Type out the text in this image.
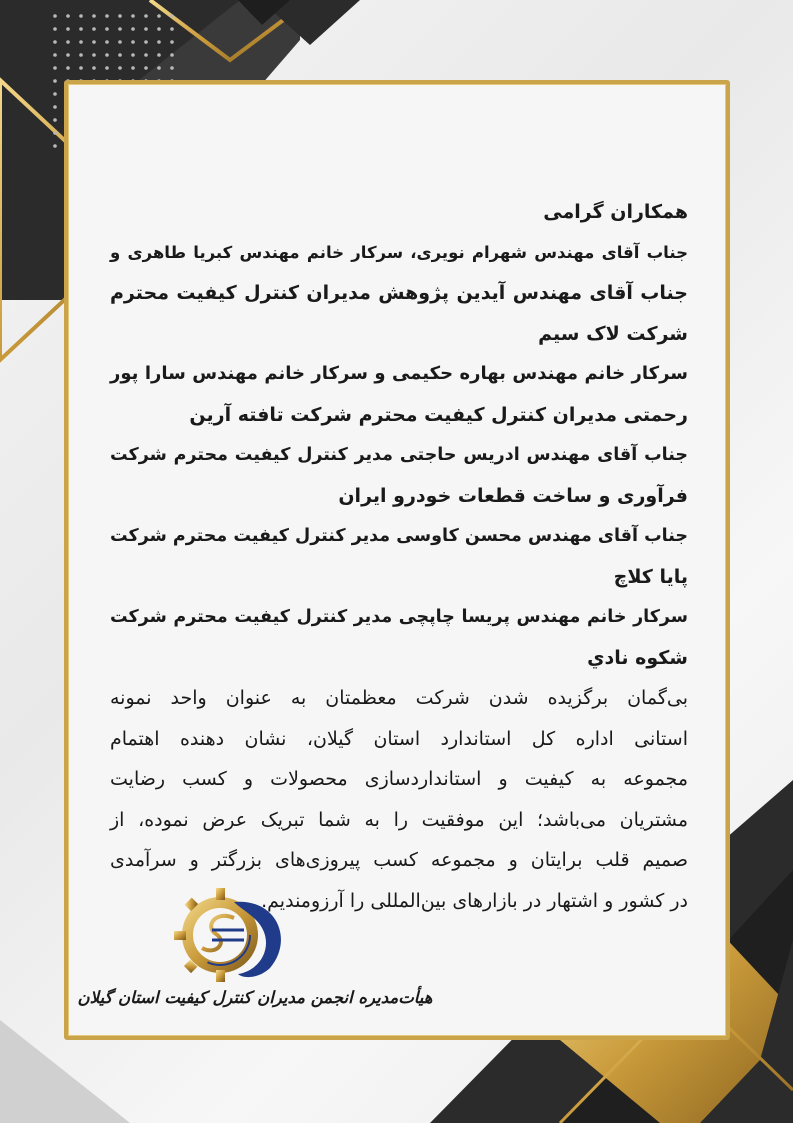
همکاران گرامی
جناب آقای مهندس شهرام نویری، سرکار خانم مهندس کبریا طاهری و
جناب آقای مهندس آیدین پژوهش مدیران کنترل کیفیت محترم
شرکت لاک سیم
سرکار خانم مهندس بهاره حکیمی و سرکار خانم مهندس سارا پور
رحمتی مدیران کنترل کیفیت محترم شرکت تافته آرین
جناب آقای مهندس ادریس حاجتی مدیر کنترل کیفیت محترم شرکت
فرآوری و ساخت قطعات خودرو ایران
جناب آقای مهندس محسن کاوسی مدیر کنترل کیفیت محترم شرکت
پایا کلاچ
سرکار خانم مهندس پریسا چاپچی مدیر کنترل کیفیت محترم شرکت
شکوه نادي
بی‌گمان برگزیده شدن شرکت معظمتان به عنوان واحد نمونه
استانی اداره کل استاندارد استان گیلان، نشان دهنده اهتمام
مجموعه به کیفیت و استانداردسازی محصولات و کسب رضایت
مشتریان می‌باشد؛ این موفقیت را به شما تبریک عرض نموده، از
صمیم قلب برایتان و مجموعه کسب پیروزی‌های بزرگتر و سرآمدی
در کشور و اشتهار در بازارهای بین‌المللی را آرزومندیم.
هیأت‌مدیره انجمن مدیران کنترل کیفیت استان گیلان
